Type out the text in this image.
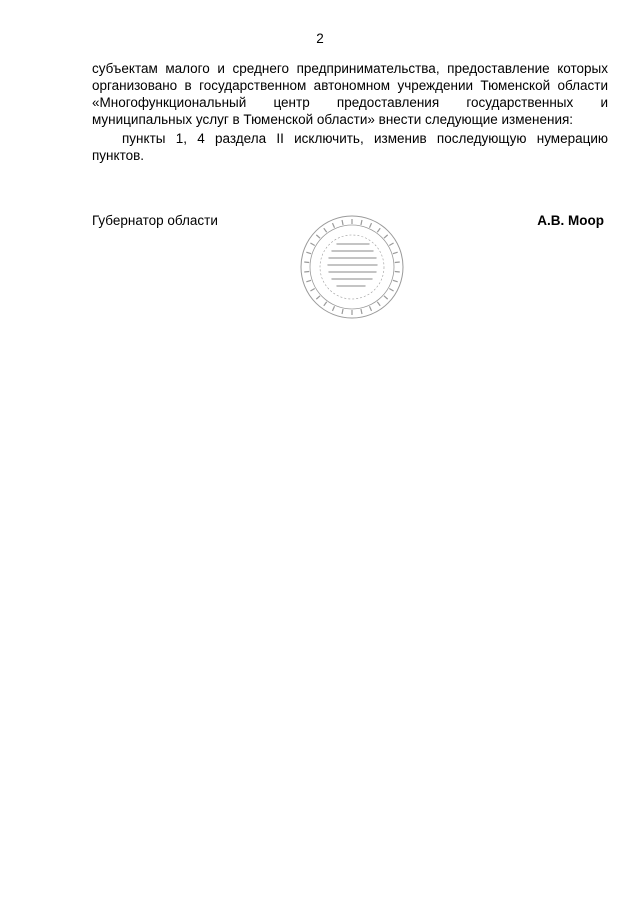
2
субъектам малого и среднего предпринимательства, предоставление которых
организовано в государственном автономном учреждении Тюменской области
«Многофункциональный центр предоставления государственных и
муниципальных услуг в Тюменской области» внести следующие изменения:
пункты 1, 4 раздела II исключить, изменив последующую нумерацию
пунктов.
Губернатор области	А.В. Моор
